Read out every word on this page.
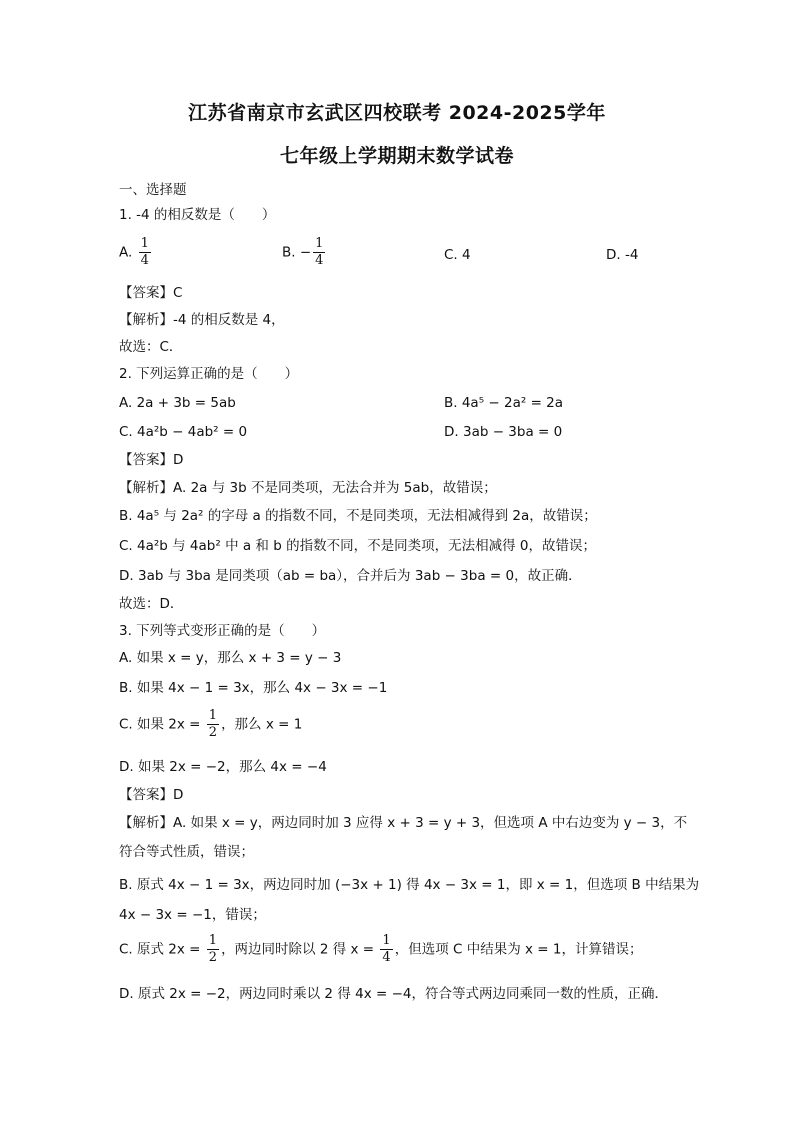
江苏省南京市玄武区四校联考 2024-2025学年
七年级上学期期末数学试卷
一、选择题
1. -4 的相反数是（　　）
A. $\frac{1}{4}$	B. − $\frac{1}{4}$	C. 4	D. -4
【答案】C
【解析】-4 的相反数是 4，
故选：C．
2. 下列运算正确的是（　　）
A. 2a + 3b = 5ab	B. 4a⁵ − 2a² = 2a
C. 4a²b − 4ab² = 0	D. 3ab − 3ba = 0
【答案】D
【解析】A. 2a 与 3b 不是同类项，无法合并为 5ab，故错误；
B. 4a⁵ 与 2a² 的字母 a 的指数不同，不是同类项，无法相减得到 2a，故错误；
C. 4a²b 与 4ab² 中 a 和 b 的指数不同，不是同类项，无法相减得 0，故错误；
D. 3ab 与 3ba 是同类项（ab = ba），合并后为 3ab − 3ba = 0，故正确．
故选：D．
3. 下列等式变形正确的是（　　）
A. 如果 x = y，那么 x + 3 = y − 3
B. 如果 4x − 1 = 3x，那么 4x − 3x = −1
C. 如果 $2x = \frac{1}{2}$ ，那么 x = 1
D. 如果 2x = −2，那么 4x = −4
【答案】D
【解析】A. 如果 x = y，两边同时加 3 应得 x + 3 = y + 3，但选项 A 中右边变为 y − 3，不
符合等式性质，错误；
B. 原式 4x − 1 = 3x，两边同时加 (−3x + 1) 得 4x − 3x = 1，即 x = 1，但选项 B 中结果为
4x − 3x = −1，错误；
C. 原式 $2x = \frac{1}{2}$ ，两边同时除以 2 得 $x = \frac{1}{4}$ ，但选项 C 中结果为 x = 1，计算错误；
D. 原式 2x = −2，两边同时乘以 2 得 4x = −4，符合等式两边同乘同一数的性质，正确．
